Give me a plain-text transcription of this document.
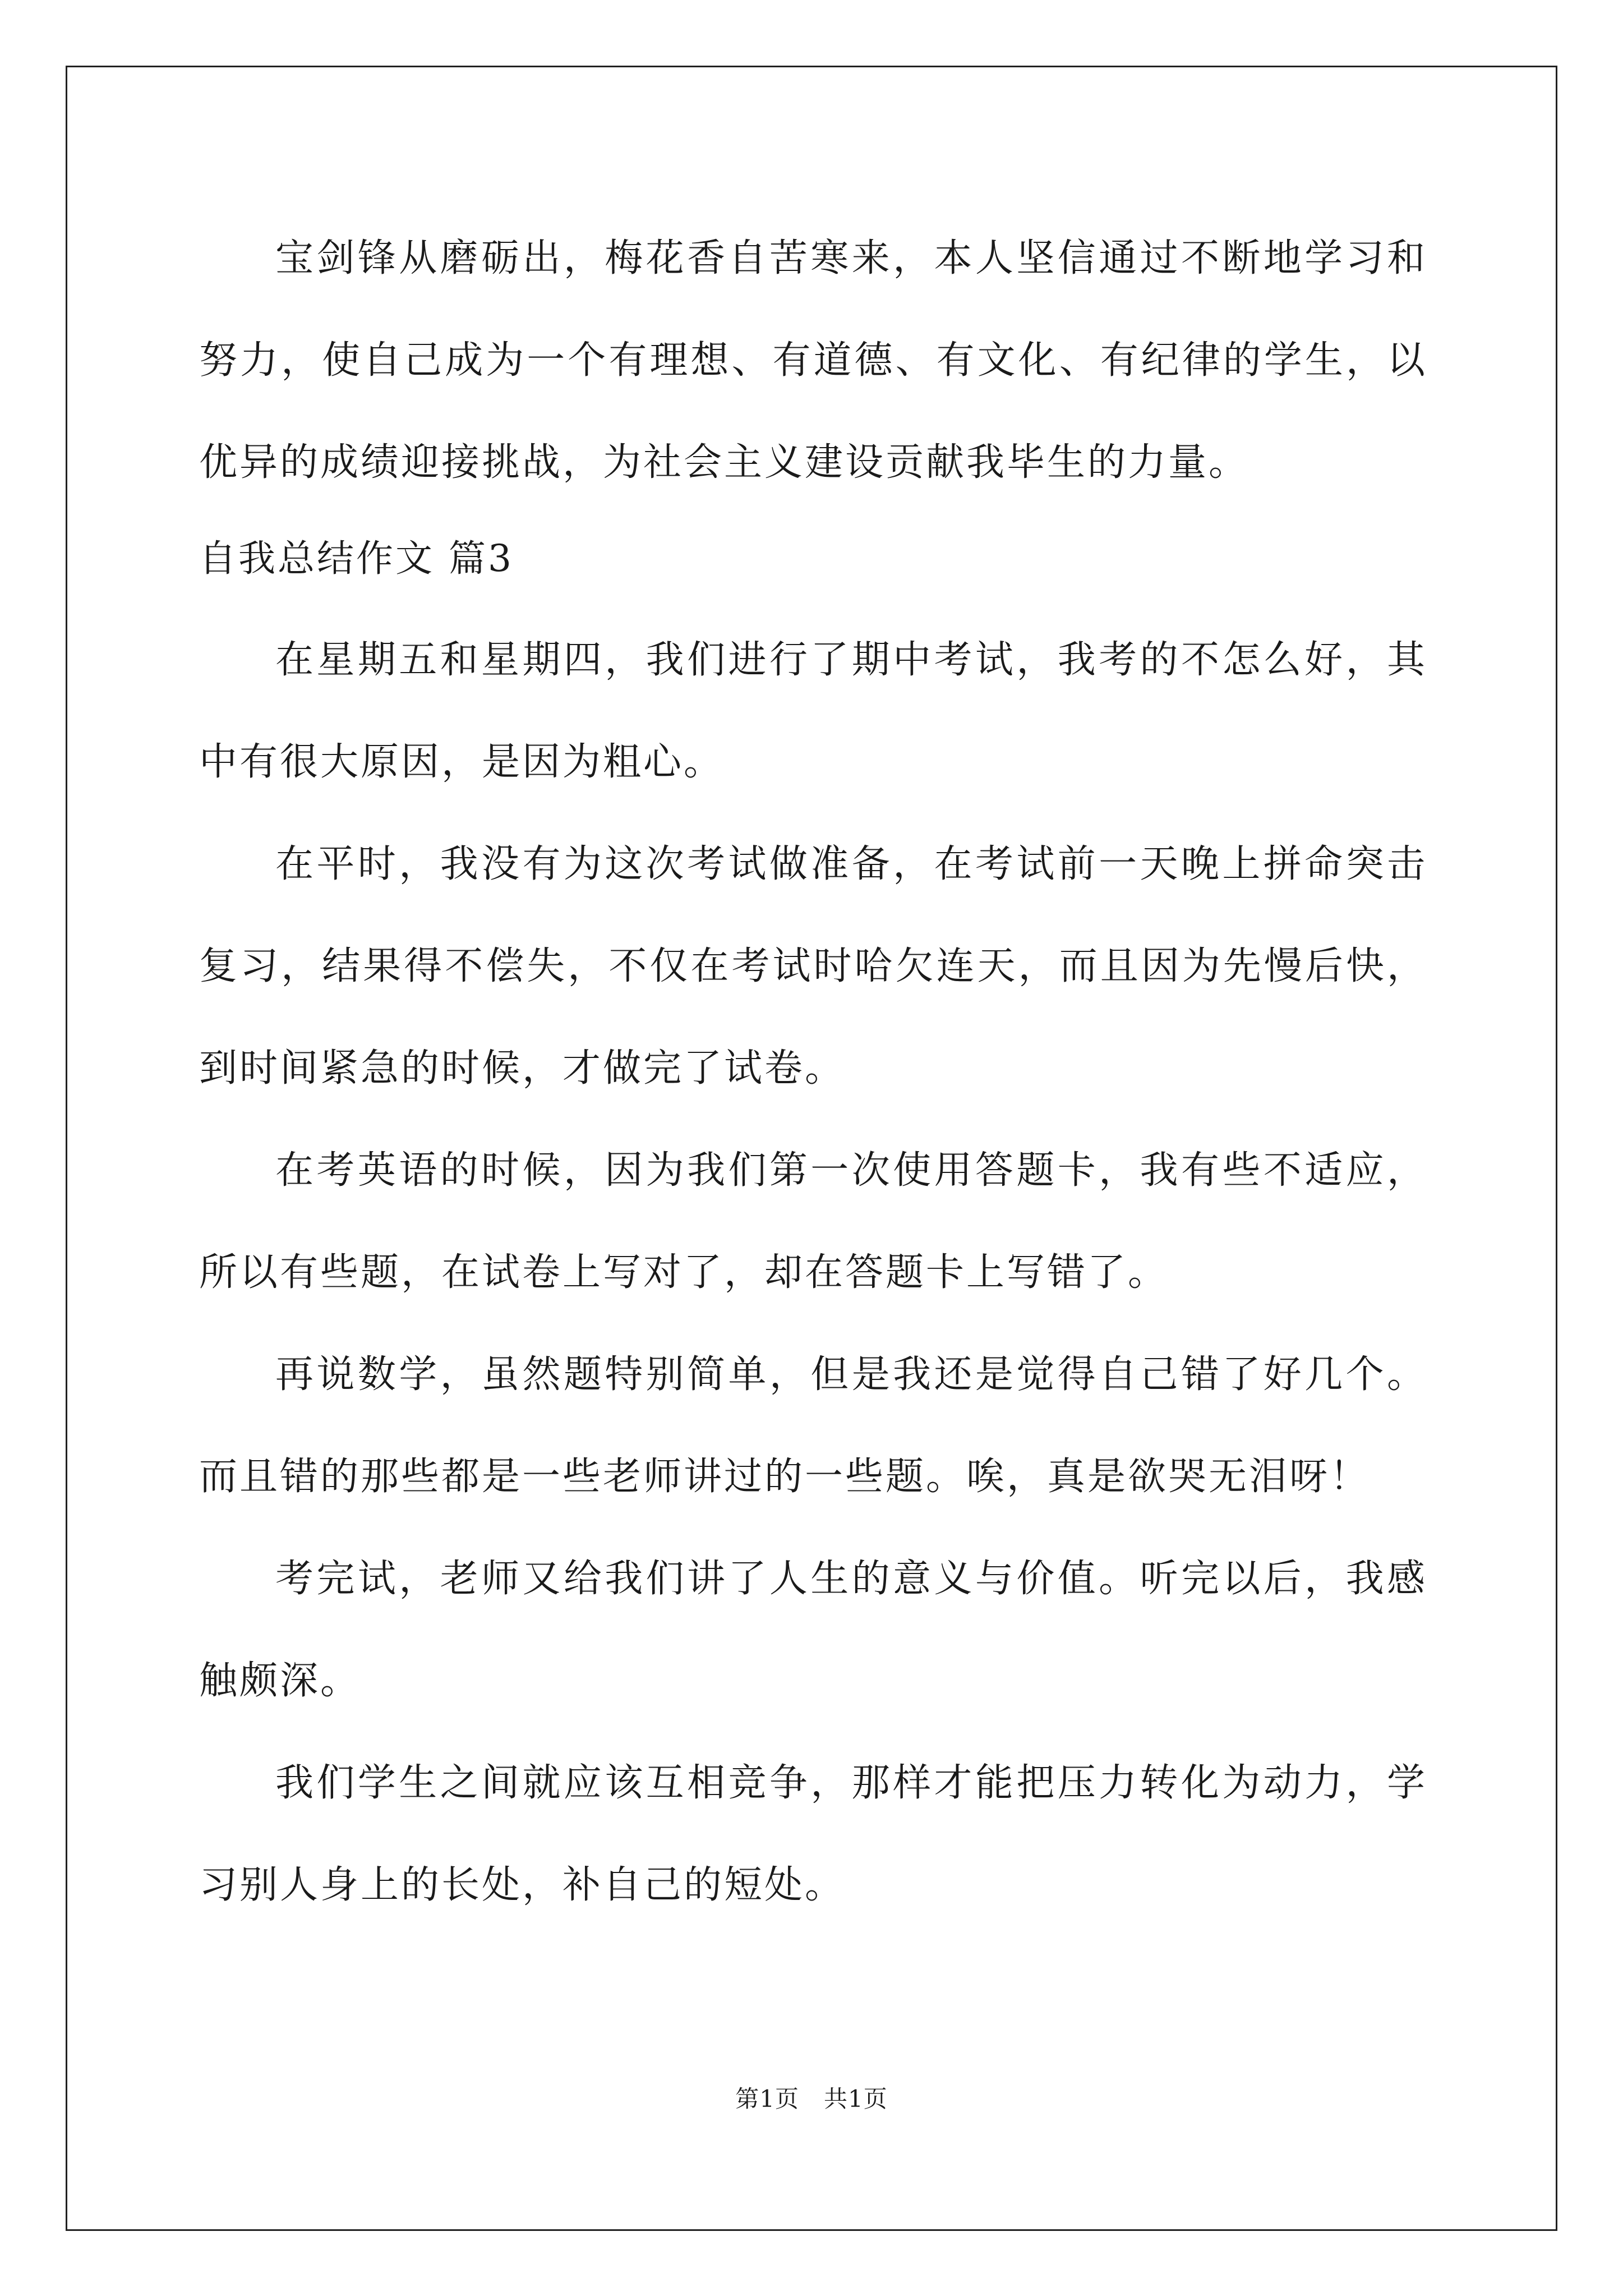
宝剑锋从磨砺出，梅花香自苦寒来，本人坚信通过不断地学习和努力，使自己成为一个有理想、有道德、有文化、有纪律的学生，以优异的成绩迎接挑战，为社会主义建设贡献我毕生的力量。

自我总结作文 篇3

在星期五和星期四，我们进行了期中考试，我考的不怎么好，其中有很大原因，是因为粗心。

在平时，我没有为这次考试做准备，在考试前一天晚上拼命突击复习，结果得不偿失，不仅在考试时哈欠连天，而且因为先慢后快，到时间紧急的时候，才做完了试卷。

在考英语的时候，因为我们第一次使用答题卡，我有些不适应，所以有些题，在试卷上写对了，却在答题卡上写错了。

再说数学，虽然题特别简单，但是我还是觉得自己错了好几个。而且错的那些都是一些老师讲过的一些题。唉，真是欲哭无泪呀！

考完试，老师又给我们讲了人生的意义与价值。听完以后，我感触颇深。

我们学生之间就应该互相竞争，那样才能把压力转化为动力，学习别人身上的长处，补自己的短处。

第1页 共1页
